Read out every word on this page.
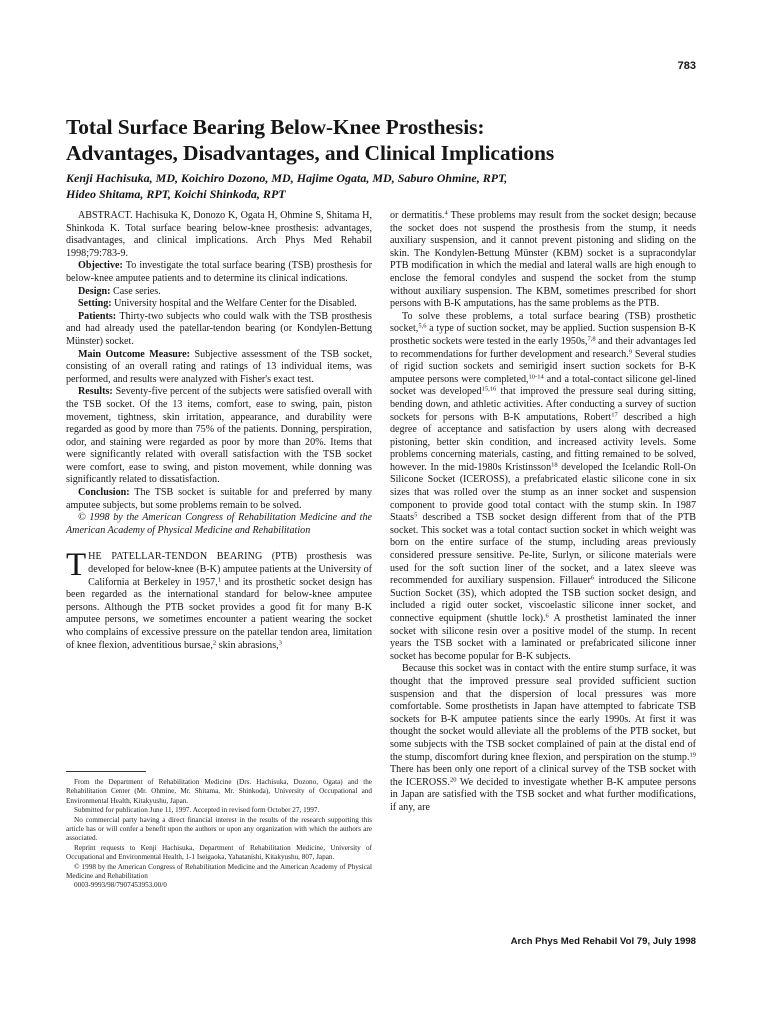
783
Total Surface Bearing Below-Knee Prosthesis:
Advantages, Disadvantages, and Clinical Implications
Kenji Hachisuka, MD, Koichiro Dozono, MD, Hajime Ogata, MD, Saburo Ohmine, RPT,
Hideo Shitama, RPT, Koichi Shinkoda, RPT

ABSTRACT. Hachisuka K, Donozo K, Ogata H, Ohmine S, Shitama H, Shinkoda K. Total surface bearing below-knee prosthesis: advantages, disadvantages, and clinical implications. Arch Phys Med Rehabil 1998;79:783-9.

Objective: To investigate the total surface bearing (TSB) prosthesis for below-knee amputee patients and to determine its clinical indications.

Design: Case series.

Setting: University hospital and the Welfare Center for the Disabled.

Patients: Thirty-two subjects who could walk with the TSB prosthesis and had already used the patellar-tendon bearing (or Kondylen-Bettung Münster) socket.

Main Outcome Measure: Subjective assessment of the TSB socket, consisting of an overall rating and ratings of 13 individual items, was performed, and results were analyzed with Fisher's exact test.

Results: Seventy-five percent of the subjects were satisfied overall with the TSB socket. Of the 13 items, comfort, ease to swing, pain, piston movement, tightness, skin irritation, appearance, and durability were regarded as good by more than 75% of the patients. Donning, perspiration, odor, and staining were regarded as poor by more than 20%. Items that were significantly related with overall satisfaction with the TSB socket were comfort, ease to swing, and piston movement, while donning was significantly related to dissatisfaction.

Conclusion: The TSB socket is suitable for and preferred by many amputee subjects, but some problems remain to be solved.

© 1998 by the American Congress of Rehabilitation Medicine and the American Academy of Physical Medicine and Rehabilitation

THE PATELLAR-TENDON BEARING (PTB) prosthesis was developed for below-knee (B-K) amputee patients at the University of California at Berkeley in 1957,$^1$ and its prosthetic socket design has been regarded as the international standard for below-knee amputee persons. Although the PTB socket provides a good fit for many B-K amputee persons, we sometimes encounter a patient wearing the socket who complains of excessive pressure on the patellar tendon area, limitation of knee flexion, adventitious bursae,$^2$ skin abrasions,$^3$

From the Department of Rehabilitation Medicine (Drs. Hachisuka, Dozono, Ogata) and the Rehabilitation Center (Mr. Ohmine, Mr. Shitama, Mr. Shinkoda), University of Occupational and Environmental Health, Kitakyushu, Japan.

Submitted for publication June 11, 1997. Accepted in revised form October 27, 1997.

No commercial party having a direct financial interest in the results of the research supporting this article has or will confer a benefit upon the authors or upon any organization with which the authors are associated.

Reprint requests to Kenji Hachisuka, Department of Rehabilitation Medicine, University of Occupational and Environmental Health, 1-1 Iseigaoka, Yahatanishi, Kitakyushu, 807, Japan.

© 1998 by the American Congress of Rehabilitation Medicine and the American Academy of Physical Medicine and Rehabilitation

0003-9993/98/7907453953.00/0

or dermatitis.$^4$ These problems may result from the socket design; because the socket does not suspend the prosthesis from the stump, it needs auxiliary suspension, and it cannot prevent pistoning and sliding on the skin. The Kondylen-Bettung Münster (KBM) socket is a supracondylar PTB modification in which the medial and lateral walls are high enough to enclose the femoral condyles and suspend the socket from the stump without auxiliary suspension. The KBM, sometimes prescribed for short persons with B-K amputations, has the same problems as the PTB.

To solve these problems, a total surface bearing (TSB) prosthetic socket,$^{5,6}$ a type of suction socket, may be applied. Suction suspension B-K prosthetic sockets were tested in the early 1950s,$^{7,8}$ and their advantages led to recommendations for further development and research.$^9$ Several studies of rigid suction sockets and semirigid insert suction sockets for B-K amputee persons were completed,$^{10-14}$ and a total-contact silicone gel-lined socket was developed$^{15,16}$ that improved the pressure seal during sitting, bending down, and athletic activities. After conducting a survey of suction sockets for persons with B-K amputations, Robert$^{17}$ described a high degree of acceptance and satisfaction by users along with decreased pistoning, better skin condition, and increased activity levels. Some problems concerning materials, casting, and fitting remained to be solved, however. In the mid-1980s Kristinsson$^{18}$ developed the Icelandic Roll-On Silicone Socket (ICEROSS), a prefabricated elastic silicone cone in six sizes that was rolled over the stump as an inner socket and suspension component to provide good total contact with the stump skin. In 1987 Staats$^5$ described a TSB socket design different from that of the PTB socket. This socket was a total contact suction socket in which weight was born on the entire surface of the stump, including areas previously considered pressure sensitive. Pe-lite, Surlyn, or silicone materials were used for the soft suction liner of the socket, and a latex sleeve was recommended for auxiliary suspension. Fillauer$^6$ introduced the Silicone Suction Socket (3S), which adopted the TSB suction socket design, and included a rigid outer socket, viscoelastic silicone inner socket, and connective equipment (shuttle lock).$^6$ A prosthetist laminated the inner socket with silicone resin over a positive model of the stump. In recent years the TSB socket with a laminated or prefabricated silicone inner socket has become popular for B-K subjects.

Because this socket was in contact with the entire stump surface, it was thought that the improved pressure seal provided sufficient suction suspension and that the dispersion of local pressures was more comfortable. Some prosthetists in Japan have attempted to fabricate TSB sockets for B-K amputee patients since the early 1990s. At first it was thought the socket would alleviate all the problems of the PTB socket, but some subjects with the TSB socket complained of pain at the distal end of the stump, discomfort during knee flexion, and perspiration on the stump.$^{19}$ There has been only one report of a clinical survey of the TSB socket with the ICEROSS.$^{20}$ We decided to investigate whether B-K amputee persons in Japan are satisfied with the TSB socket and what further modifications, if any, are

Arch Phys Med Rehabil Vol 79, July 1998
